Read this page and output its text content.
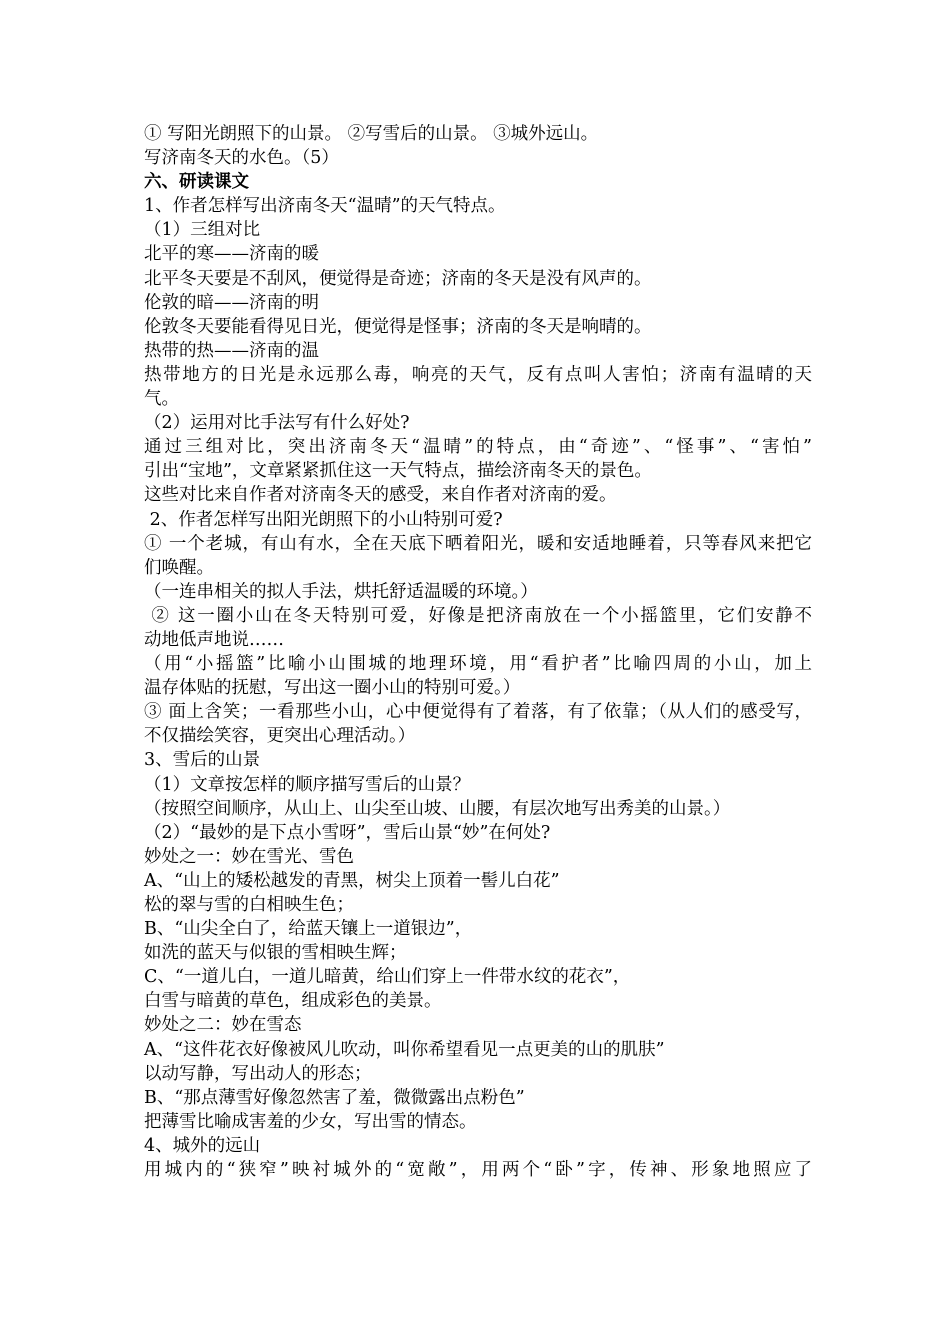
① 写阳光朗照下的山景。 ②写雪后的山景。 ③城外远山。
写济南冬天的水色。（5）
六、研读课文
1、作者怎样写出济南冬天“温晴”的天气特点。
（1）三组对比
北平的寒——济南的暖
北平冬天要是不刮风，便觉得是奇迹；济南的冬天是没有风声的。
伦敦的暗——济南的明
伦敦冬天要能看得见日光，便觉得是怪事；济南的冬天是响晴的。
热带的热——济南的温
热带地方的日光是永远那么毒，响亮的天气，反有点叫人害怕；济南有温晴的天
气。
（2）运用对比手法写有什么好处?
通过三组对比，突出济南冬天“温晴”的特点，由“奇迹”、“怪事”、“害怕”
引出“宝地”，文章紧紧抓住这一天气特点，描绘济南冬天的景色。
这些对比来自作者对济南冬天的感受，来自作者对济南的爱。
2、作者怎样写出阳光朗照下的小山特别可爱?
① 一个老城，有山有水，全在天底下晒着阳光，暖和安适地睡着，只等春风来把它
们唤醒。
（一连串相关的拟人手法，烘托舒适温暖的环境。）
② 这一圈小山在冬天特别可爱，好像是把济南放在一个小摇篮里，它们安静不
动地低声地说……
（用“小摇篮”比喻小山围城的地理环境，用“看护者”比喻四周的小山，加上
温存体贴的抚慰，写出这一圈小山的特别可爱。）
③ 面上含笑；一看那些小山，心中便觉得有了着落，有了依靠；（从人们的感受写，
不仅描绘笑容，更突出心理活动。）
3、雪后的山景
（1）文章按怎样的顺序描写雪后的山景？
（按照空间顺序，从山上、山尖至山坡、山腰，有层次地写出秀美的山景。）
（2）“最妙的是下点小雪呀”，雪后山景“妙”在何处?
妙处之一：妙在雪光、雪色
A、“山上的矮松越发的青黑，树尖上顶着一髻儿白花”
松的翠与雪的白相映生色；
B、“山尖全白了，给蓝天镶上一道银边”，
如洗的蓝天与似银的雪相映生辉；
C、“一道儿白，一道儿暗黄，给山们穿上一件带水纹的花衣”，
白雪与暗黄的草色，组成彩色的美景。
妙处之二：妙在雪态
A、“这件花衣好像被风儿吹动，叫你希望看见一点更美的山的肌肤”
以动写静，写出动人的形态；
B、“那点薄雪好像忽然害了羞，微微露出点粉色”
把薄雪比喻成害羞的少女，写出雪的情态。
4、城外的远山
用城内的“狭窄”映衬城外的“宽敞”，用两个“卧”字，传神、形象地照应了
